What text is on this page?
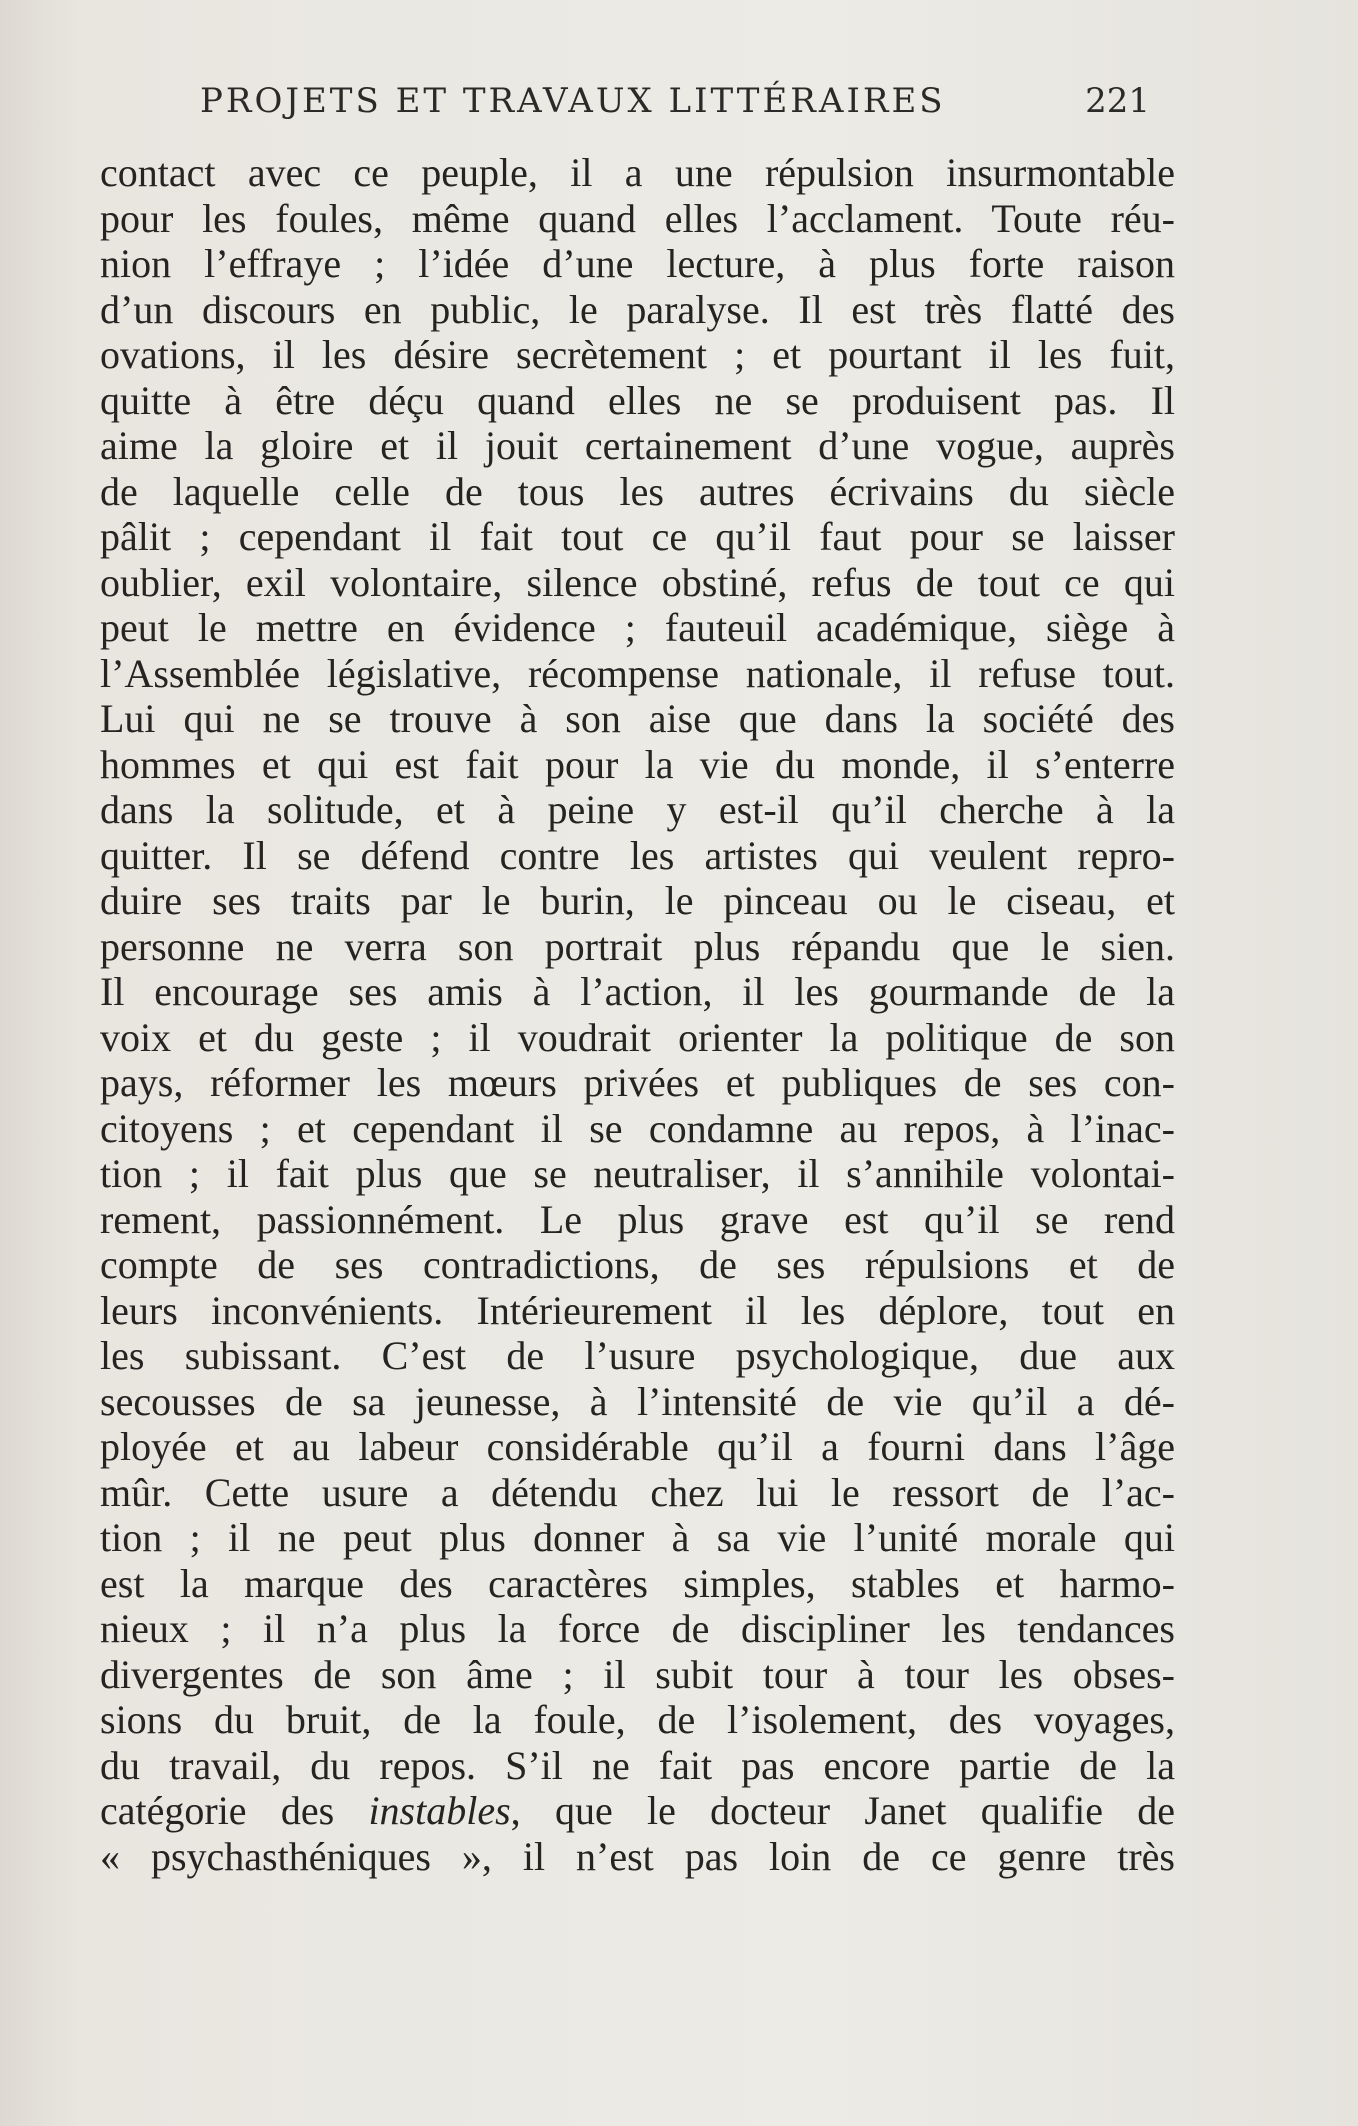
PROJETS ET TRAVAUX LITTÉRAIRES	221
contact avec ce peuple, il a une répulsion insurmontable
pour les foules, même quand elles l’acclament. Toute réu-
nion l’effraye ; l’idée d’une lecture, à plus forte raison
d’un discours en public, le paralyse. Il est très flatté des
ovations, il les désire secrètement ; et pourtant il les fuit,
quitte à être déçu quand elles ne se produisent pas. Il
aime la gloire et il jouit certainement d’une vogue, auprès
de laquelle celle de tous les autres écrivains du siècle
pâlit ; cependant il fait tout ce qu’il faut pour se laisser
oublier, exil volontaire, silence obstiné, refus de tout ce qui
peut le mettre en évidence ; fauteuil académique, siège à
l’Assemblée législative, récompense nationale, il refuse tout.
Lui qui ne se trouve à son aise que dans la société des
hommes et qui est fait pour la vie du monde, il s’enterre
dans la solitude, et à peine y est-il qu’il cherche à la
quitter. Il se défend contre les artistes qui veulent repro-
duire ses traits par le burin, le pinceau ou le ciseau, et
personne ne verra son portrait plus répandu que le sien.
Il encourage ses amis à l’action, il les gourmande de la
voix et du geste ; il voudrait orienter la politique de son
pays, réformer les mœurs privées et publiques de ses con-
citoyens ; et cependant il se condamne au repos, à l’inac-
tion ; il fait plus que se neutraliser, il s’annihile volontai-
rement, passionnément. Le plus grave est qu’il se rend
compte de ses contradictions, de ses répulsions et de
leurs inconvénients. Intérieurement il les déplore, tout en
les subissant. C’est de l’usure psychologique, due aux
secousses de sa jeunesse, à l’intensité de vie qu’il a dé-
ployée et au labeur considérable qu’il a fourni dans l’âge
mûr. Cette usure a détendu chez lui le ressort de l’ac-
tion ; il ne peut plus donner à sa vie l’unité morale qui
est la marque des caractères simples, stables et harmo-
nieux ; il n’a plus la force de discipliner les tendances
divergentes de son âme ; il subit tour à tour les obses-
sions du bruit, de la foule, de l’isolement, des voyages,
du travail, du repos. S’il ne fait pas encore partie de la
catégorie des instables, que le docteur Janet qualifie de
« psychasthéniques », il n’est pas loin de ce genre très
